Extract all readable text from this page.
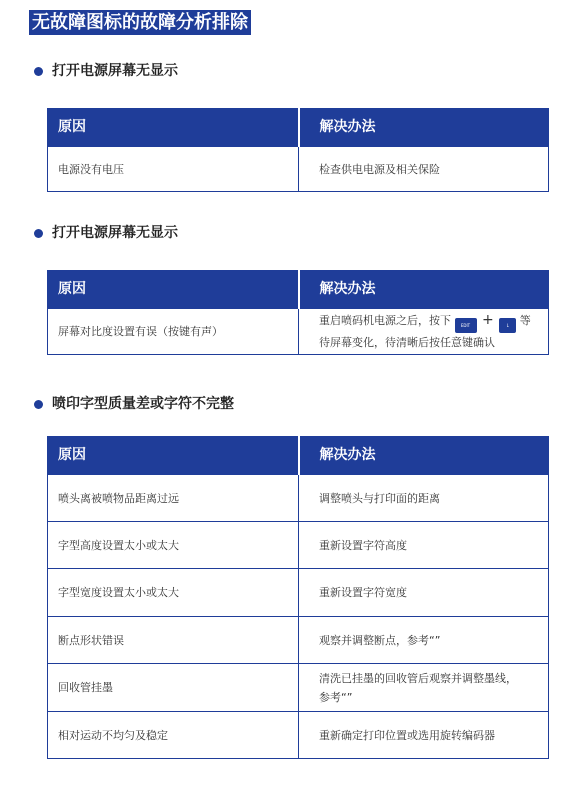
无故障图标的故障分析排除
打开电源屏幕无显示
原因	解决办法
电源没有电压	检查供电电源及相关保险
打开电源屏幕无显示
原因	解决办法
屏幕对比度设置有误（按键有声）	重启喷码机电源之后，按下 EDIT + L 等
待屏幕变化，待清晰后按任意键确认
喷印字型质量差或字符不完整
原因	解决办法
喷头离被喷物品距离过远	调整喷头与打印面的距离
字型高度设置太小或太大	重新设置字符高度
字型宽度设置太小或太大	重新设置字符宽度
断点形状错误	观察并调整断点，参考“”
回收管挂墨	清洗已挂墨的回收管后观察并调整墨线，
参考“”

相对运动不均匀及稳定	重新确定打印位置或选用旋转编码器
